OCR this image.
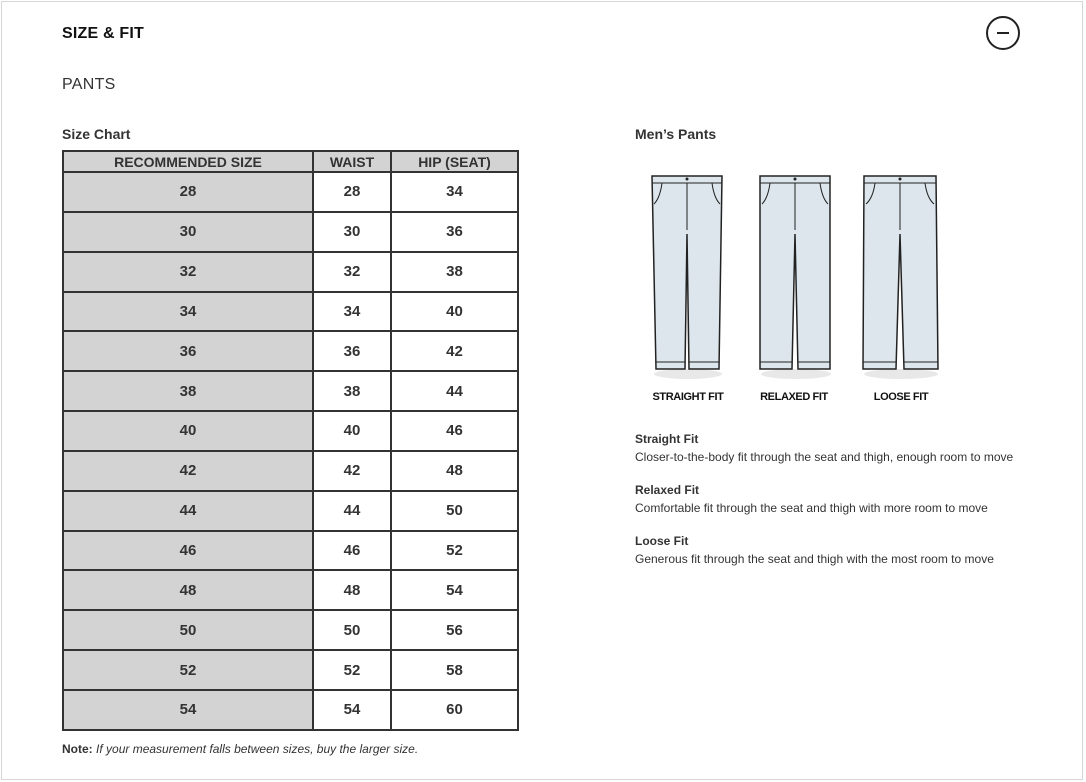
SIZE & FIT
PANTS
Size Chart
RECOMMENDED SIZE	WAIST	HIP (SEAT)
28	28	34
30	30	36
32	32	38
34	34	40
36	36	42
38	38	44
40	40	46
42	42	48
44	44	50
46	46	52
48	48	54
50	50	56
52	52	58
54	54	60
Note: If your measurement falls between sizes, buy the larger size.
Men’s Pants
STRAIGHT FIT	RELAXED FIT	LOOSE FIT
Straight Fit
Closer-to-the-body fit through the seat and thigh, enough room to move
Relaxed Fit
Comfortable fit through the seat and thigh with more room to move
Loose Fit
Generous fit through the seat and thigh with the most room to move
